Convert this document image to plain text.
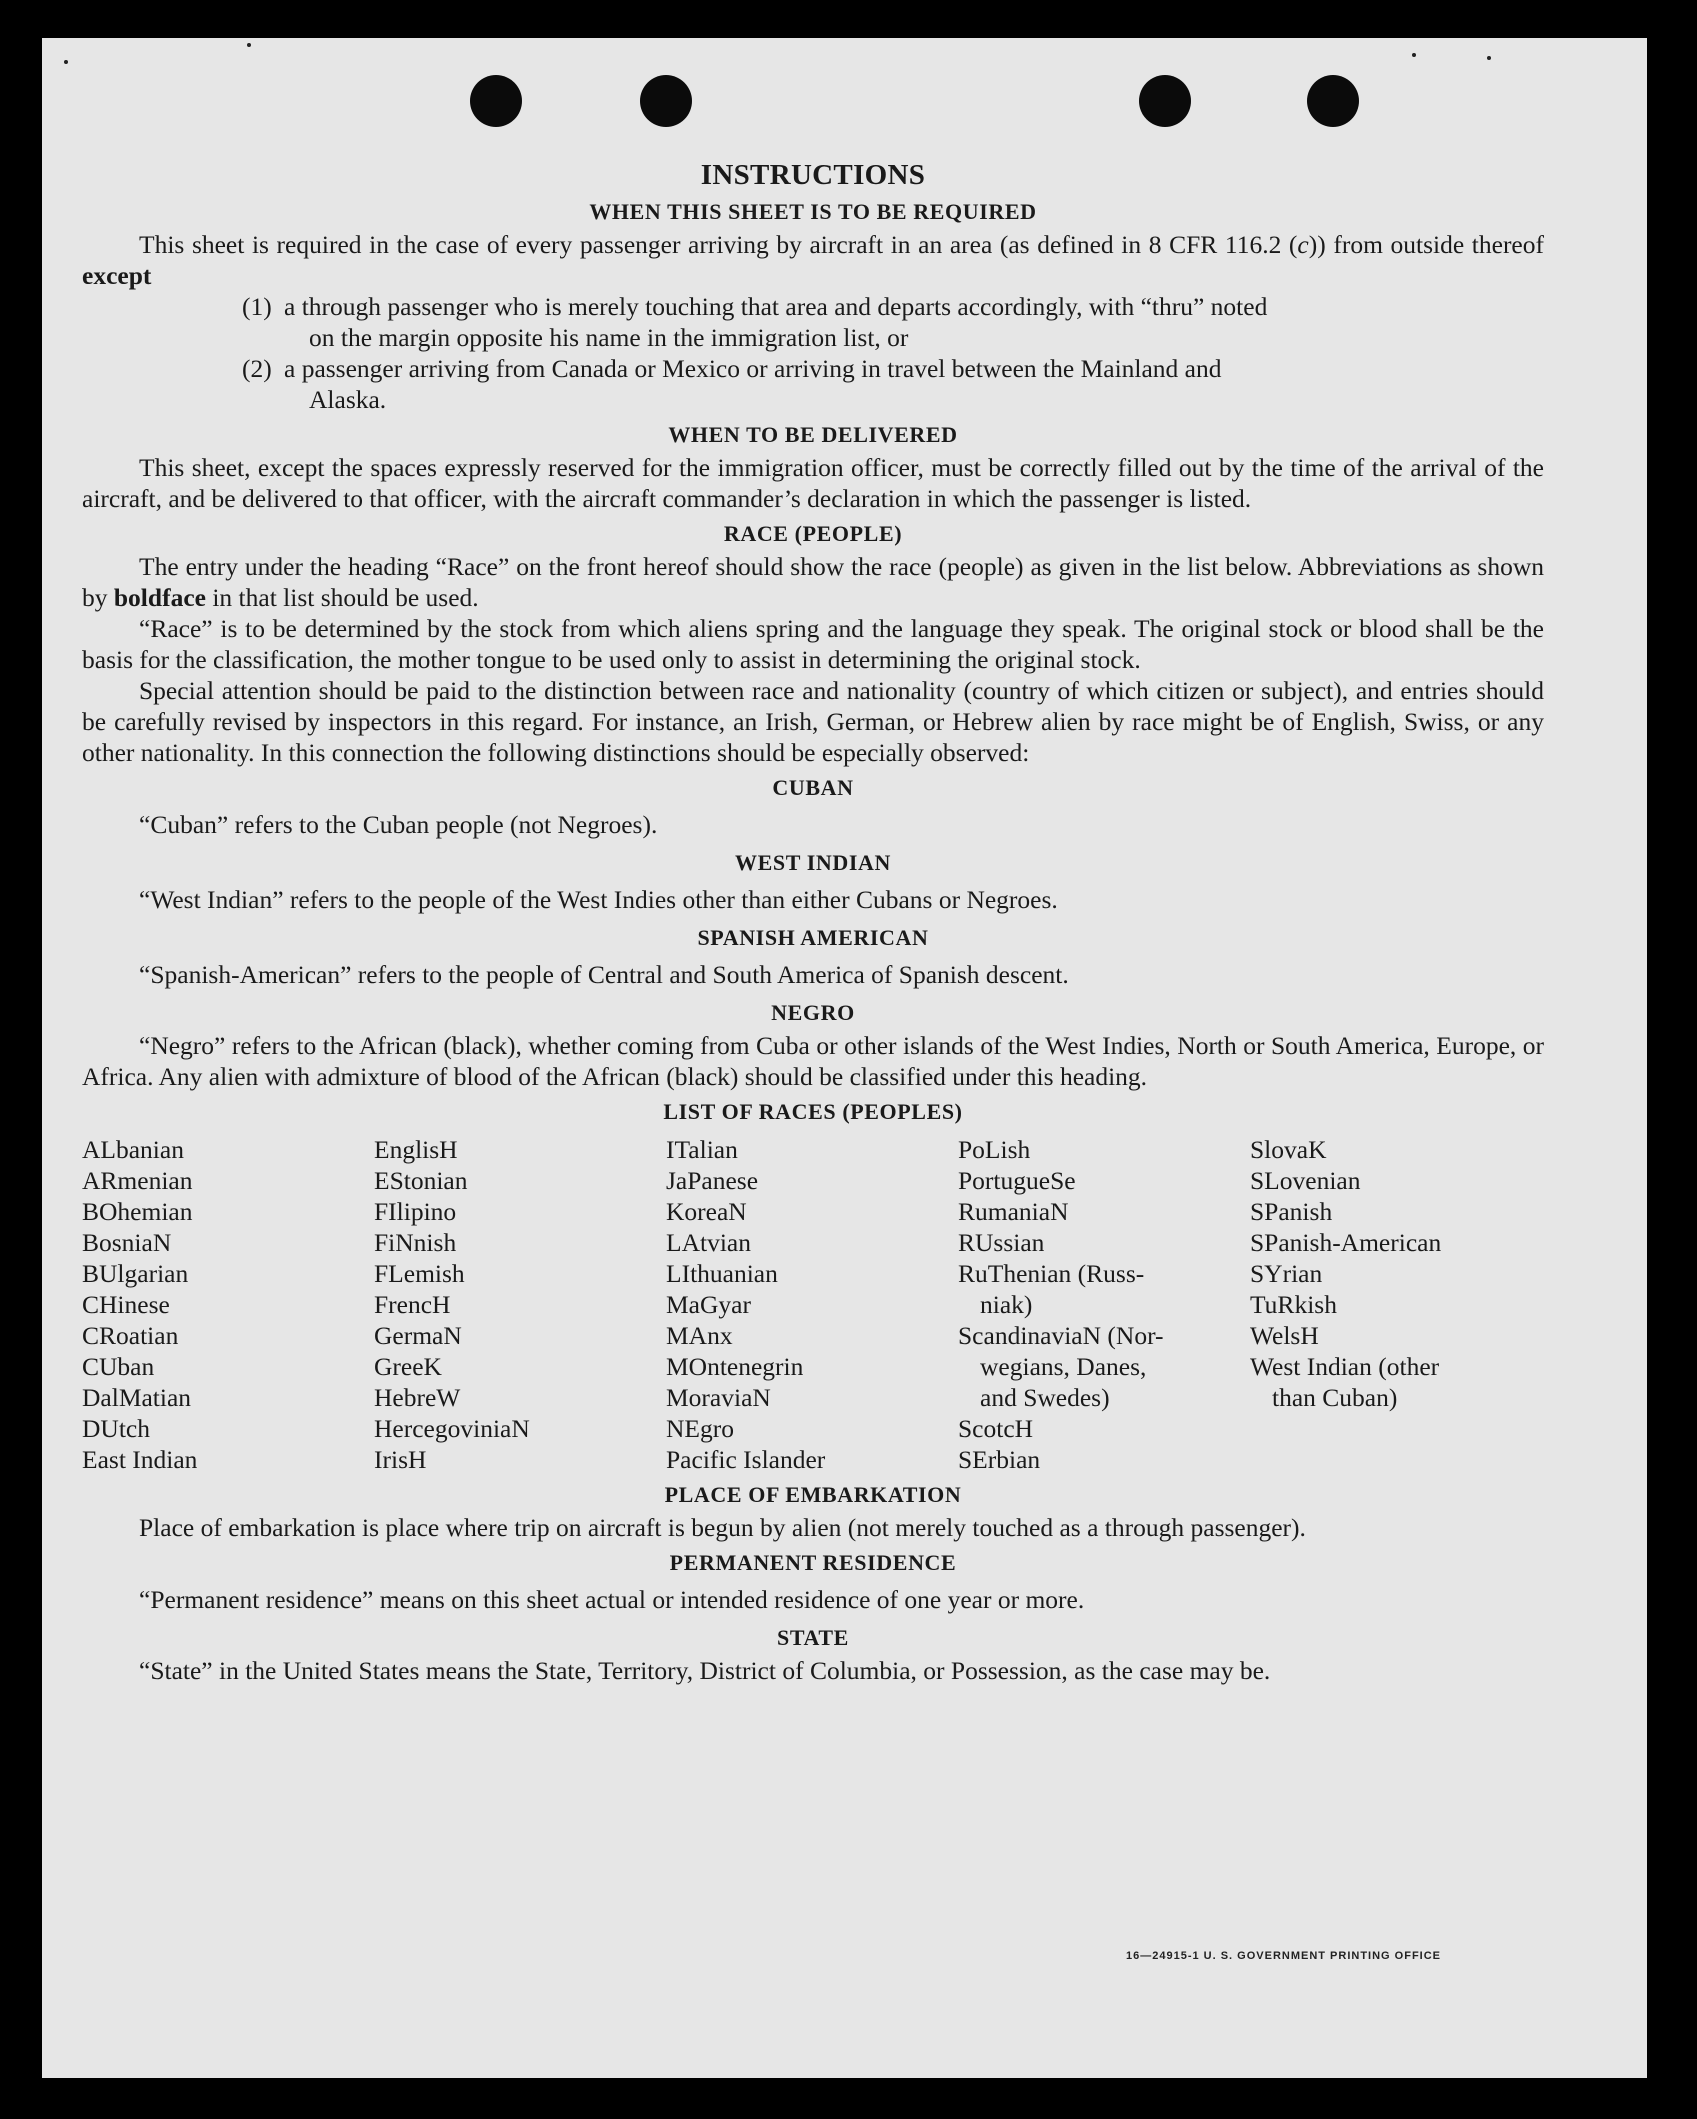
INSTRUCTIONS
WHEN THIS SHEET IS TO BE REQUIRED

This sheet is required in the case of every passenger arriving by aircraft in an area (as defined in 8 CFR 116.2 (c)) from outside thereof except

(1) a through passenger who is merely touching that area and departs accordingly, with “thru” noted
on the margin opposite his name in the immigration list, or
(2) a passenger arriving from Canada or Mexico or arriving in travel between the Mainland and
Alaska.
WHEN TO BE DELIVERED

This sheet, except the spaces expressly reserved for the immigration officer, must be correctly filled out by the time of the arrival of the aircraft, and be delivered to that officer, with the aircraft commander’s declaration in which the passenger is listed.

RACE (PEOPLE)

The entry under the heading “Race” on the front hereof should show the race (people) as given in the list below. Abbreviations as shown by boldface in that list should be used.

“Race” is to be determined by the stock from which aliens spring and the language they speak. The original stock or blood shall be the basis for the classification, the mother tongue to be used only to assist in determining the original stock.

Special attention should be paid to the distinction between race and nationality (country of which citizen or subject), and entries should be carefully revised by inspectors in this regard. For instance, an Irish, German, or Hebrew alien by race might be of English, Swiss, or any other nationality. In this connection the following distinctions should be especially observed:

CUBAN

“Cuban” refers to the Cuban people (not Negroes).

WEST INDIAN

“West Indian” refers to the people of the West Indies other than either Cubans or Negroes.

SPANISH AMERICAN

“Spanish-American” refers to the people of Central and South America of Spanish descent.

NEGRO

“Negro” refers to the African (black), whether coming from Cuba or other islands of the West Indies, North or South America, Europe, or Africa. Any alien with admixture of blood of the African (black) should be classified under this heading.

LIST OF RACES (PEOPLES)
ALbanian
ARmenian
BOhemian
BosniaN
BUlgarian
CHinese
CRoatian
CUban
DalMatian
DUtch
East Indian
EnglisH
EStonian
FIlipino
FiNnish
FLemish
FrencH
GermaN
GreeK
HebreW
HercegoviniaN
IrisH
ITalian
JaPanese
KoreaN
LAtvian
LIthuanian
MaGyar
MAnx
MOntenegrin
MoraviaN
NEgro
Pacific Islander
PoLish
PortugueSe
RumaniaN
RUssian
RuThenian (Russ-
niak)
ScandinaviaN (Nor-
wegians, Danes,
and Swedes)
ScotcH
SErbian
SlovaK
SLovenian
SPanish
SPanish-American
SYrian
TuRkish
WelsH
West Indian (other
than Cuban)
PLACE OF EMBARKATION

Place of embarkation is place where trip on aircraft is begun by alien (not merely touched as a through passenger).

PERMANENT RESIDENCE

“Permanent residence” means on this sheet actual or intended residence of one year or more.

STATE

“State” in the United States means the State, Territory, District of Columbia, or Possession, as the case may be.

16—24915-1 U. S. GOVERNMENT PRINTING OFFICE
